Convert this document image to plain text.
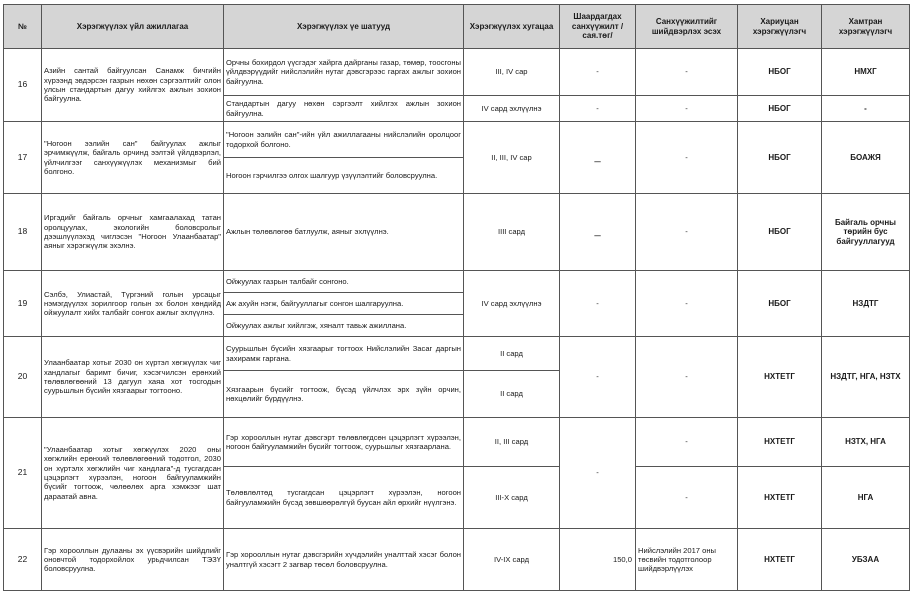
№	Хэрэгжүүлэх үйл ажиллагаа	Хэрэгжүүлэх үе шатууд	Хэрэгжүүлэх хугацаа	Шаардагдах санхүүжилт /сая.төг/	Санхүүжилтийг шийдвэрлэх эсэх	Хариуцан хэрэгжүүлэгч	Хамтран хэрэгжүүлэгч
16	Азийн сантай байгуулсан Санамж бичгийн хүрээнд эвдэрсэн газрын нөхөн сэргээлтийг олон улсын стандартын дагуу хийлгэх ажлын зохион байгуулна.	Орчны бохирдол үүсгэдэг хайрга дайрганы газар, төмөр, тоосгоны үйлдвэрүүдийг нийслэлийн нутаг дэвсгэрээс гаргах ажлыг зохион байгуулна.	III, IV сар	-	-	НБОГ	НМХГ
		Стандартын дагуу нөхөн сэргээлт хийлгэх ажлын зохион байгуулна.	IV сард эхлүүлнэ	-	-	НБОГ	-
17	"Ногоон ээлийн сан" байгуулах ажлыг эрчимжүүлж, байгаль орчинд ээлтэй үйлдвэрлэл, үйлчилгээг санхүүжүүлэх механизмыг бий болгоно.	"Ногоон ээлийн сан"-ийн үйл ажиллагааны нийслэлийн оролцоог тодорхой болгоно.	II, III, IV сар	_	-	НБОГ	БОАЖЯ
		Ногоон гэрчилгээ олгох шалгуур үзүүлэлтийг боловсруулна.					
18	Иргэдийг байгаль орчныг хамгаалахад татан оролцуулах, экологийн боловсролыг дээшлүүлэхэд чиглэсэн "Ногоон Улаанбаатар" аяныг хэрэгжүүлж эхэлнэ.	Ажлын төлөвлөгөө батлуулж, аяныг эхлүүлнэ.	IIII сард	_	-	НБОГ	Байгаль орчны төрийн бус байгууллагууд
19	Сэлбэ, Улиастай, Түргэний голын урсацыг нэмэгдүүлэх зорилгоор голын эх болон хөндийд ойжуулалт хийх талбайг сонгох ажлыг эхлүүлнэ.	Ойжуулах газрын талбайг сонгоно.	IV сард эхлүүлнэ	-	-	НБОГ	НЗДТГ
		Аж ахуйн нэгж, байгууллагыг сонгон шалгаруулна.					
		Ойжуулах ажлыг хийлгэж, хяналт тавьж ажиллана.					
20	Улаанбаатар хотыг 2030 он хүртэл хөгжүүлэх чиг хандлагыг баримт бичиг, хэсэгчилсэн ерөнхий төлөвлөгөөний 13 дагуул хаяа хот тосгодын суурьшлын бүсийн хязгаарыг тогтооно.	Суурьшлын бүсийн хязгаарыг тогтоох Нийслэлийн Засаг даргын захирамж гаргана.	II сард	-	-	НХТЕТГ	НЗДТГ, НГА, НЗТХ
		Хязгаарын бүсийг тогтоож, бүсэд үйлчлэх эрх зүйн орчин, нөхцөлийг бүрдүүлнэ.	II сард				
21	"Улаанбаатар хотыг хөгжүүлэх 2020 оны хөгжлийн ерөнхий төлөвлөгөөний тодотгол, 2030 он хүртэлх хөгжлийн чиг хандлага"-д тусгагдсан цэцэрлэгт хүрээлэн, ногоон байгууламжийн бүсийг тогтоож, чөлөөлөх арга хэмжээг шат дараатай авна.	Гэр хорооллын нутаг дэвсгэрт төлөвлөгдсөн цэцэрлэгт хүрээлэн, ногоон байгууламжийн бүсийг тогтоож, суурьшлыг хязгаарлана.	II, III сард	-	-	НХТЕТГ	НЗТХ, НГА
		Төлөвлөлтөд тусгагдсан цэцэрлэгт хүрээлэн, ногоон байгууламжийн бүсэд зөвшөөрөлгүй буусан айл өрхийг нүүлгэнэ.	III-X сард		-	НХТЕТГ	НГА
22	Гэр хорооллын дулааны эх үүсвэрийн шийдлийг оновчтой тодорхойлох урьдчилсан ТЭЗҮ боловсруулна.	Гэр хорооллын нутаг дэвсгэрийн хүчдэлийн уналттай хэсэг болон уналтгүй хэсэгт 2 загвар төсөл боловсруулна.	IV-IX сард	150,0	Нийслэлийн 2017 оны төсвийн тодотголоор шийдвэрлүүлэх	НХТЕТГ	УБЗАА
